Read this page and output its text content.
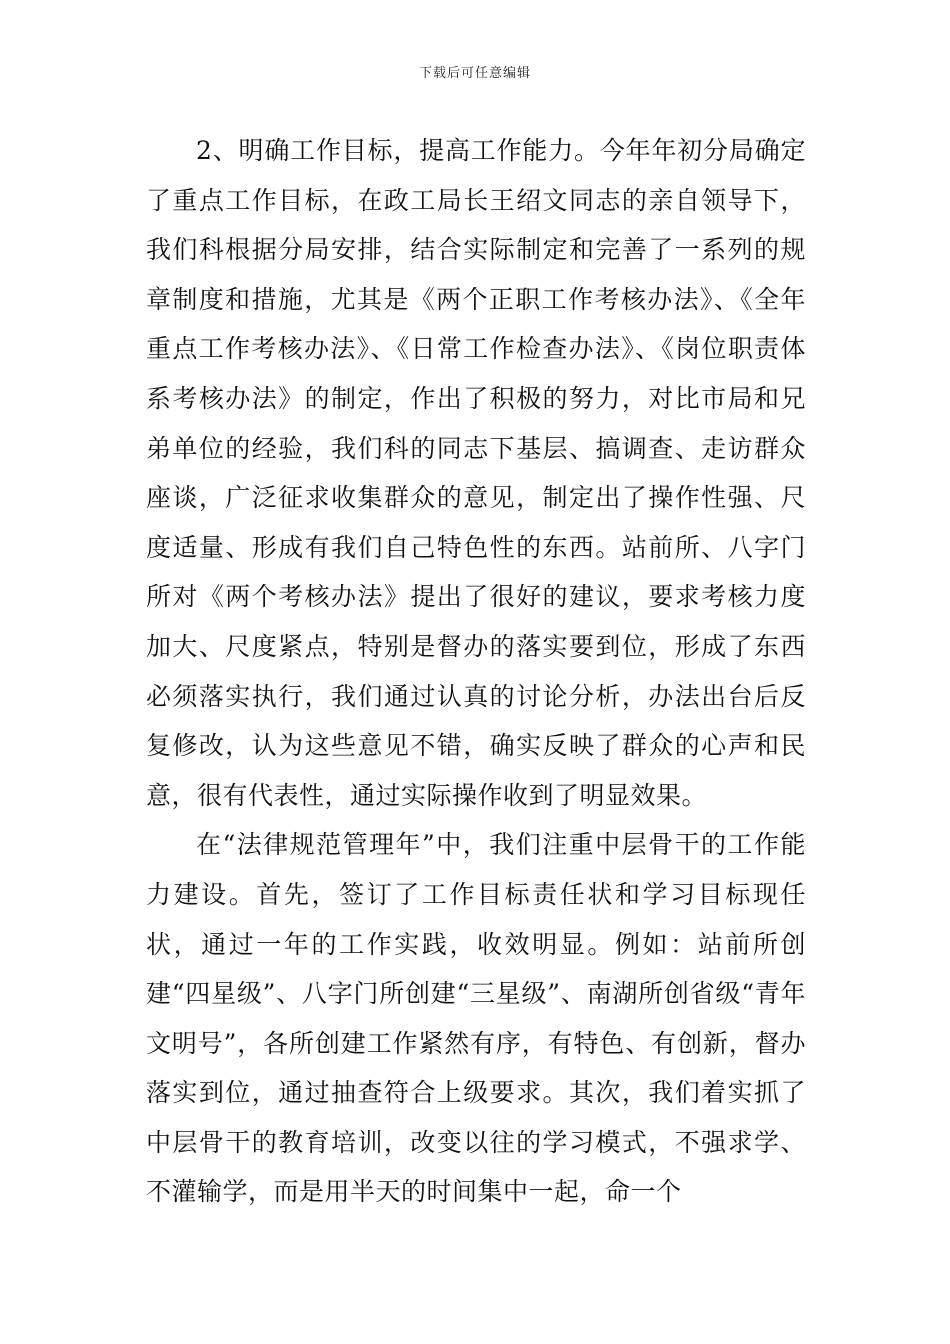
下载后可任意编辑

2、明确工作目标，提高工作能力。今年年初分局确定了重点工作目标，在政工局长王绍文同志的亲自领导下，我们科根据分局安排，结合实际制定和完善了一系列的规章制度和措施，尤其是《两个正职工作考核办法》、《全年重点工作考核办法》、《日常工作检查办法》、《岗位职责体系考核办法》的制定，作出了积极的努力，对比市局和兄弟单位的经验，我们科的同志下基层、搞调查、走访群众座谈，广泛征求收集群众的意见，制定出了操作性强、尺度适量、形成有我们自己特色性的东西。站前所、八字门所对《两个考核办法》提出了很好的建议，要求考核力度加大、尺度紧点，特别是督办的落实要到位，形成了东西必须落实执行，我们通过认真的讨论分析，办法出台后反复修改，认为这些意见不错，确实反映了群众的心声和民意，很有代表性，通过实际操作收到了明显效果。

在“法律规范管理年”中，我们注重中层骨干的工作能力建设。首先，签订了工作目标责任状和学习目标现任状，通过一年的工作实践，收效明显。例如：站前所创建“四星级”、八字门所创建“三星级”、南湖所创省级“青年文明号”，各所创建工作紧然有序，有特色、有创新，督办落实到位，通过抽查符合上级要求。其次，我们着实抓了中层骨干的教育培训，改变以往的学习模式，不强求学、不灌输学，而是用半天的时间集中一起，命一个
